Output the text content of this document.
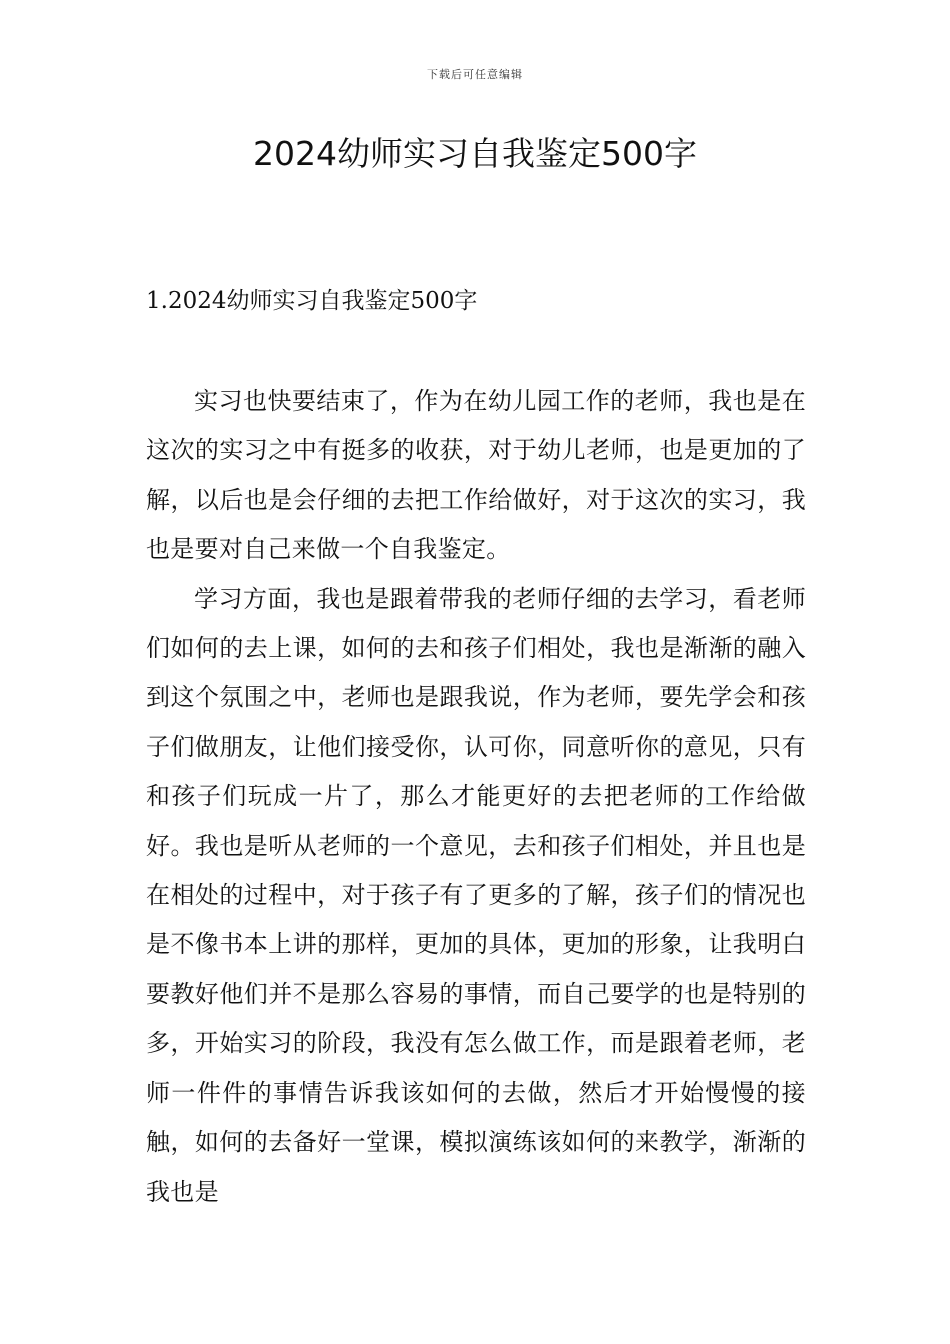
下载后可任意编辑
2024幼师实习自我鉴定500字
1.2024幼师实习自我鉴定500字

实习也快要结束了，作为在幼儿园工作的老师，我也是在这次的实习之中有挺多的收获，对于幼儿老师，也是更加的了解，以后也是会仔细的去把工作给做好，对于这次的实习，我也是要对自己来做一个自我鉴定。

学习方面，我也是跟着带我的老师仔细的去学习，看老师们如何的去上课，如何的去和孩子们相处，我也是渐渐的融入到这个氛围之中，老师也是跟我说，作为老师，要先学会和孩子们做朋友，让他们接受你，认可你，同意听你的意见，只有和孩子们玩成一片了，那么才能更好的去把老师的工作给做好。我也是听从老师的一个意见，去和孩子们相处，并且也是在相处的过程中，对于孩子有了更多的了解，孩子们的情况也是不像书本上讲的那样，更加的具体，更加的形象，让我明白要教好他们并不是那么容易的事情，而自己要学的也是特别的多，开始实习的阶段，我没有怎么做工作，而是跟着老师，老师一件件的事情告诉我该如何的去做，然后才开始慢慢的接触，如何的去备好一堂课，模拟演练该如何的来教学，渐渐的我也是
